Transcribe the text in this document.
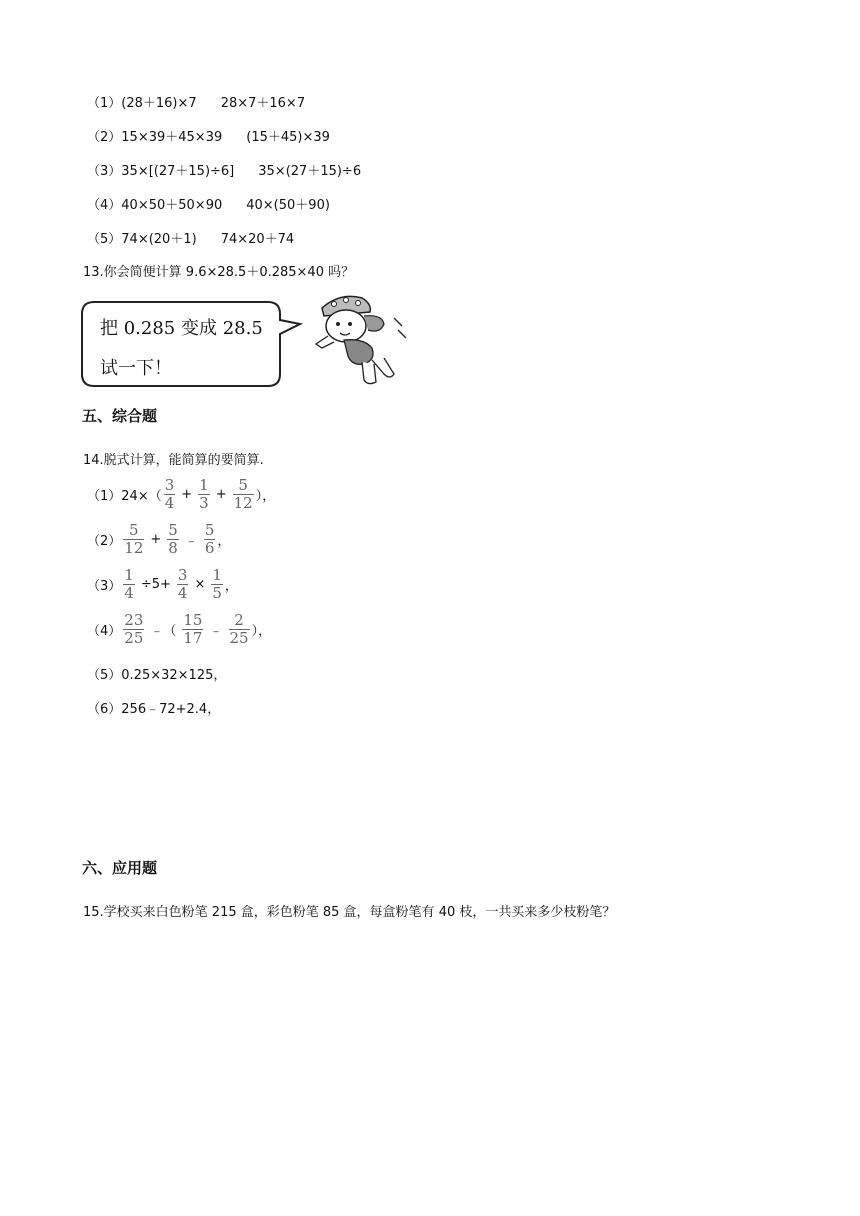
（1）(28＋16)×7 28×7＋16×7
（2）15×39＋45×39 (15＋45)×39
（3）35×[(27＋15)÷6] 35×(27＋15)÷6
（4）40×50＋50×90 40×(50＋90)
（5）74×(20＋1) 74×20＋74
13.你会简便计算 9.6×28.5＋0.285×40 吗？
把 0.285 变成 28.5
试一下！
五、综合题
14.脱式计算，能简算的要简算.
（1） $24\times( \frac{3}{4} + \frac{1}{3} + \frac{5}{12}$ ），
$(2) \frac{5}{12} + \frac{5}{8}$ ﹣ $\frac{5}{6}$ ，
$(3) \frac{1}{4} \div 5+ \frac{3}{4} \times \frac{1}{5}$ ，
$(4) \frac{23}{25}$ ﹣（ $\frac{15}{17}$ ﹣ $\frac{2}{25}$ ），
（5）0.25×32×125，
（6）256﹣72+2.4，
六、应用题
15.学校买来白色粉笔 215 盒，彩色粉笔 85 盒，每盒粉笔有 40 枝，一共买来多少枝粉笔？
